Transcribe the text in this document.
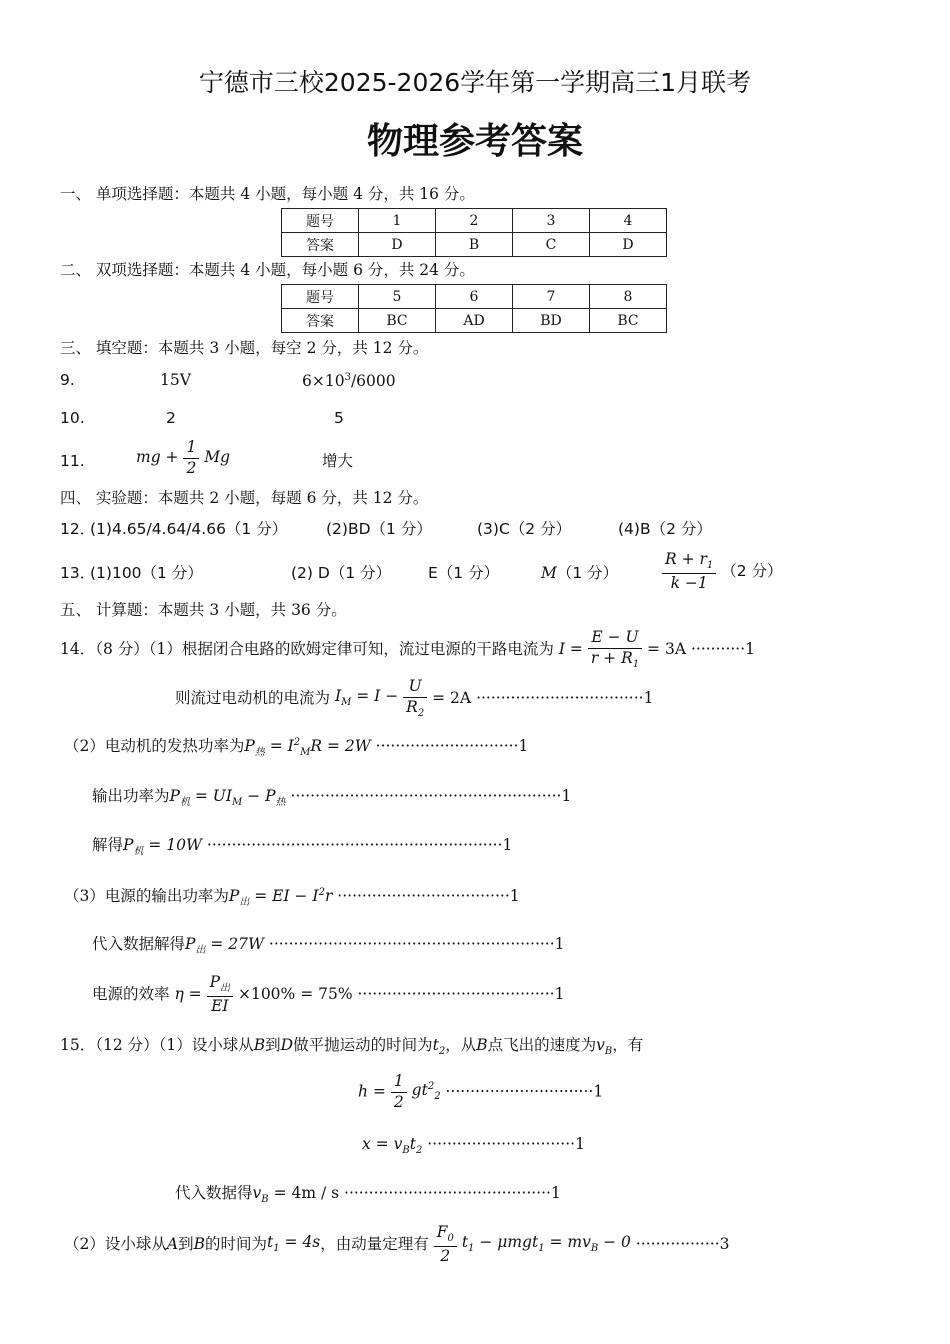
宁德市三校2025-2026学年第一学期高三1月联考
物理参考答案
一、 单项选择题：本题共 4 小题，每小题 4 分，共 16 分。
题号	1	2	3	4
答案	D	B	C	D
二、 双项选择题：本题共 4 小题，每小题 6 分，共 24 分。
题号	5	6	7	8
答案	BC	AD	BD	BC
三、 填空题：本题共 3 小题，每空 2 分，共 12 分。
9.	15V	$6\times 10^3/6000$
10.	2	5
11.	mg + $\frac{1}{2}$ Mg	增大
四、 实验题：本题共 2 小题，每题 6 分，共 12 分。
12．
(1)4.65/4.64/4.66（1 分）	(2)BD（1 分）	(3)C（2 分）	(4)B（2 分）
13．
(1)100（1 分）	(2) D（1 分） E（1 分）	M（1 分）	$\frac{R + r_1}{k -1} (2$ 分）
五、 计算题：本题共 3 小题，共 36 分。
14．（8 分）（1）根据闭合电路的欧姆定律可知，流过电源的干路电流为 $I = \frac{E - U}{r + R_1} = 3A \cdot\cdot\cdot\cdot\cdot\cdot\cdot\cdot\cdot\cdot\cdot 1$
则流过电动机的电流为 $I_M = I - \frac{U}{R_2} = 2A \cdot\cdot\cdot\cdot\cdot\cdot\cdot\cdot\cdot\cdot\cdot\cdot\cdot\cdot\cdot\cdot\cdot\cdot\cdot\cdot\cdot\cdot\cdot\cdot\cdot\cdot\cdot\cdot\cdot\cdot\cdot\cdot\cdot\cdot 1$
（2）电动机的发热功率为$P_热 = I^2_MR = 2W \cdot\cdot\cdot\cdot\cdot\cdot\cdot\cdot\cdot\cdot\cdot\cdot\cdot\cdot\cdot\cdot\cdot\cdot\cdot\cdot\cdot\cdot\cdot\cdot\cdot\cdot\cdot\cdot\cdot 1$
输出功率为$P_机 = UI_M - P_热 \cdot\cdot\cdot\cdot\cdot\cdot\cdot\cdot\cdot\cdot\cdot\cdot\cdot\cdot\cdot\cdot\cdot\cdot\cdot\cdot\cdot\cdot\cdot\cdot\cdot\cdot\cdot\cdot\cdot\cdot\cdot\cdot\cdot\cdot\cdot\cdot\cdot\cdot\cdot\cdot\cdot\cdot\cdot\cdot\cdot\cdot\cdot\cdot\cdot\cdot\cdot\cdot\cdot\cdot\cdot 1$
解得$P_机 = 10W \cdot\cdot\cdot\cdot\cdot\cdot\cdot\cdot\cdot\cdot\cdot\cdot\cdot\cdot\cdot\cdot\cdot\cdot\cdot\cdot\cdot\cdot\cdot\cdot\cdot\cdot\cdot\cdot\cdot\cdot\cdot\cdot\cdot\cdot\cdot\cdot\cdot\cdot\cdot\cdot\cdot\cdot\cdot\cdot\cdot\cdot\cdot\cdot\cdot\cdot\cdot\cdot\cdot\cdot\cdot\cdot\cdot\cdot\cdot\cdot 1$
（3）电源的输出功率为$P_出$ = EI − $I^2r \cdot\cdot\cdot\cdot\cdot\cdot\cdot\cdot\cdot\cdot\cdot\cdot\cdot\cdot\cdot\cdot\cdot\cdot\cdot\cdot\cdot\cdot\cdot\cdot\cdot\cdot\cdot\cdot\cdot\cdot\cdot\cdot\cdot\cdot\cdot 1$
代入数据解得$P_出 = 27W \cdot\cdot\cdot\cdot\cdot\cdot\cdot\cdot\cdot\cdot\cdot\cdot\cdot\cdot\cdot\cdot\cdot\cdot\cdot\cdot\cdot\cdot\cdot\cdot\cdot\cdot\cdot\cdot\cdot\cdot\cdot\cdot\cdot\cdot\cdot\cdot\cdot\cdot\cdot\cdot\cdot\cdot\cdot\cdot\cdot\cdot\cdot\cdot\cdot\cdot\cdot\cdot\cdot\cdot\cdot\cdot\cdot\cdot 1$
电源的效率 $\eta = \frac{P_出}{EI} \times 100\% = 75\% \cdot\cdot\cdot\cdot\cdot\cdot\cdot\cdot\cdot\cdot\cdot\cdot\cdot\cdot\cdot\cdot\cdot\cdot\cdot\cdot\cdot\cdot\cdot\cdot\cdot\cdot\cdot\cdot\cdot\cdot\cdot\cdot\cdot\cdot\cdot\cdot\cdot\cdot\cdot\cdot 1$
15．（12 分）（1）设小球从B到D做平抛运动的时间为$t_2$，从B点飞出的速度为$v_B$，有
$h = \frac{1}{2} gt^2_2 \cdot\cdot\cdot\cdot\cdot\cdot\cdot\cdot\cdot\cdot\cdot\cdot\cdot\cdot\cdot\cdot\cdot\cdot\cdot\cdot\cdot\cdot\cdot\cdot\cdot\cdot\cdot\cdot\cdot\cdot 1$
$x = v_Bt_2 \cdot\cdot\cdot\cdot\cdot\cdot\cdot\cdot\cdot\cdot\cdot\cdot\cdot\cdot\cdot\cdot\cdot\cdot\cdot\cdot\cdot\cdot\cdot\cdot\cdot\cdot\cdot\cdot\cdot\cdot 1$
代入数据得$v_B = 4m / s \cdot\cdot\cdot\cdot\cdot\cdot\cdot\cdot\cdot\cdot\cdot\cdot\cdot\cdot\cdot\cdot\cdot\cdot\cdot\cdot\cdot\cdot\cdot\cdot\cdot\cdot\cdot\cdot\cdot\cdot\cdot\cdot\cdot\cdot\cdot\cdot\cdot\cdot\cdot\cdot\cdot\cdot 1$
（2）设小球从A到B的时间为$t_1 = 4s$，由动量定理有 $\frac{F_0}{2} t_1 - \mu mgt_1 = mv_B - 0 \cdot\cdot\cdot\cdot\cdot\cdot\cdot\cdot\cdot\cdot\cdot\cdot\cdot\cdot\cdot\cdot\cdot 3$
